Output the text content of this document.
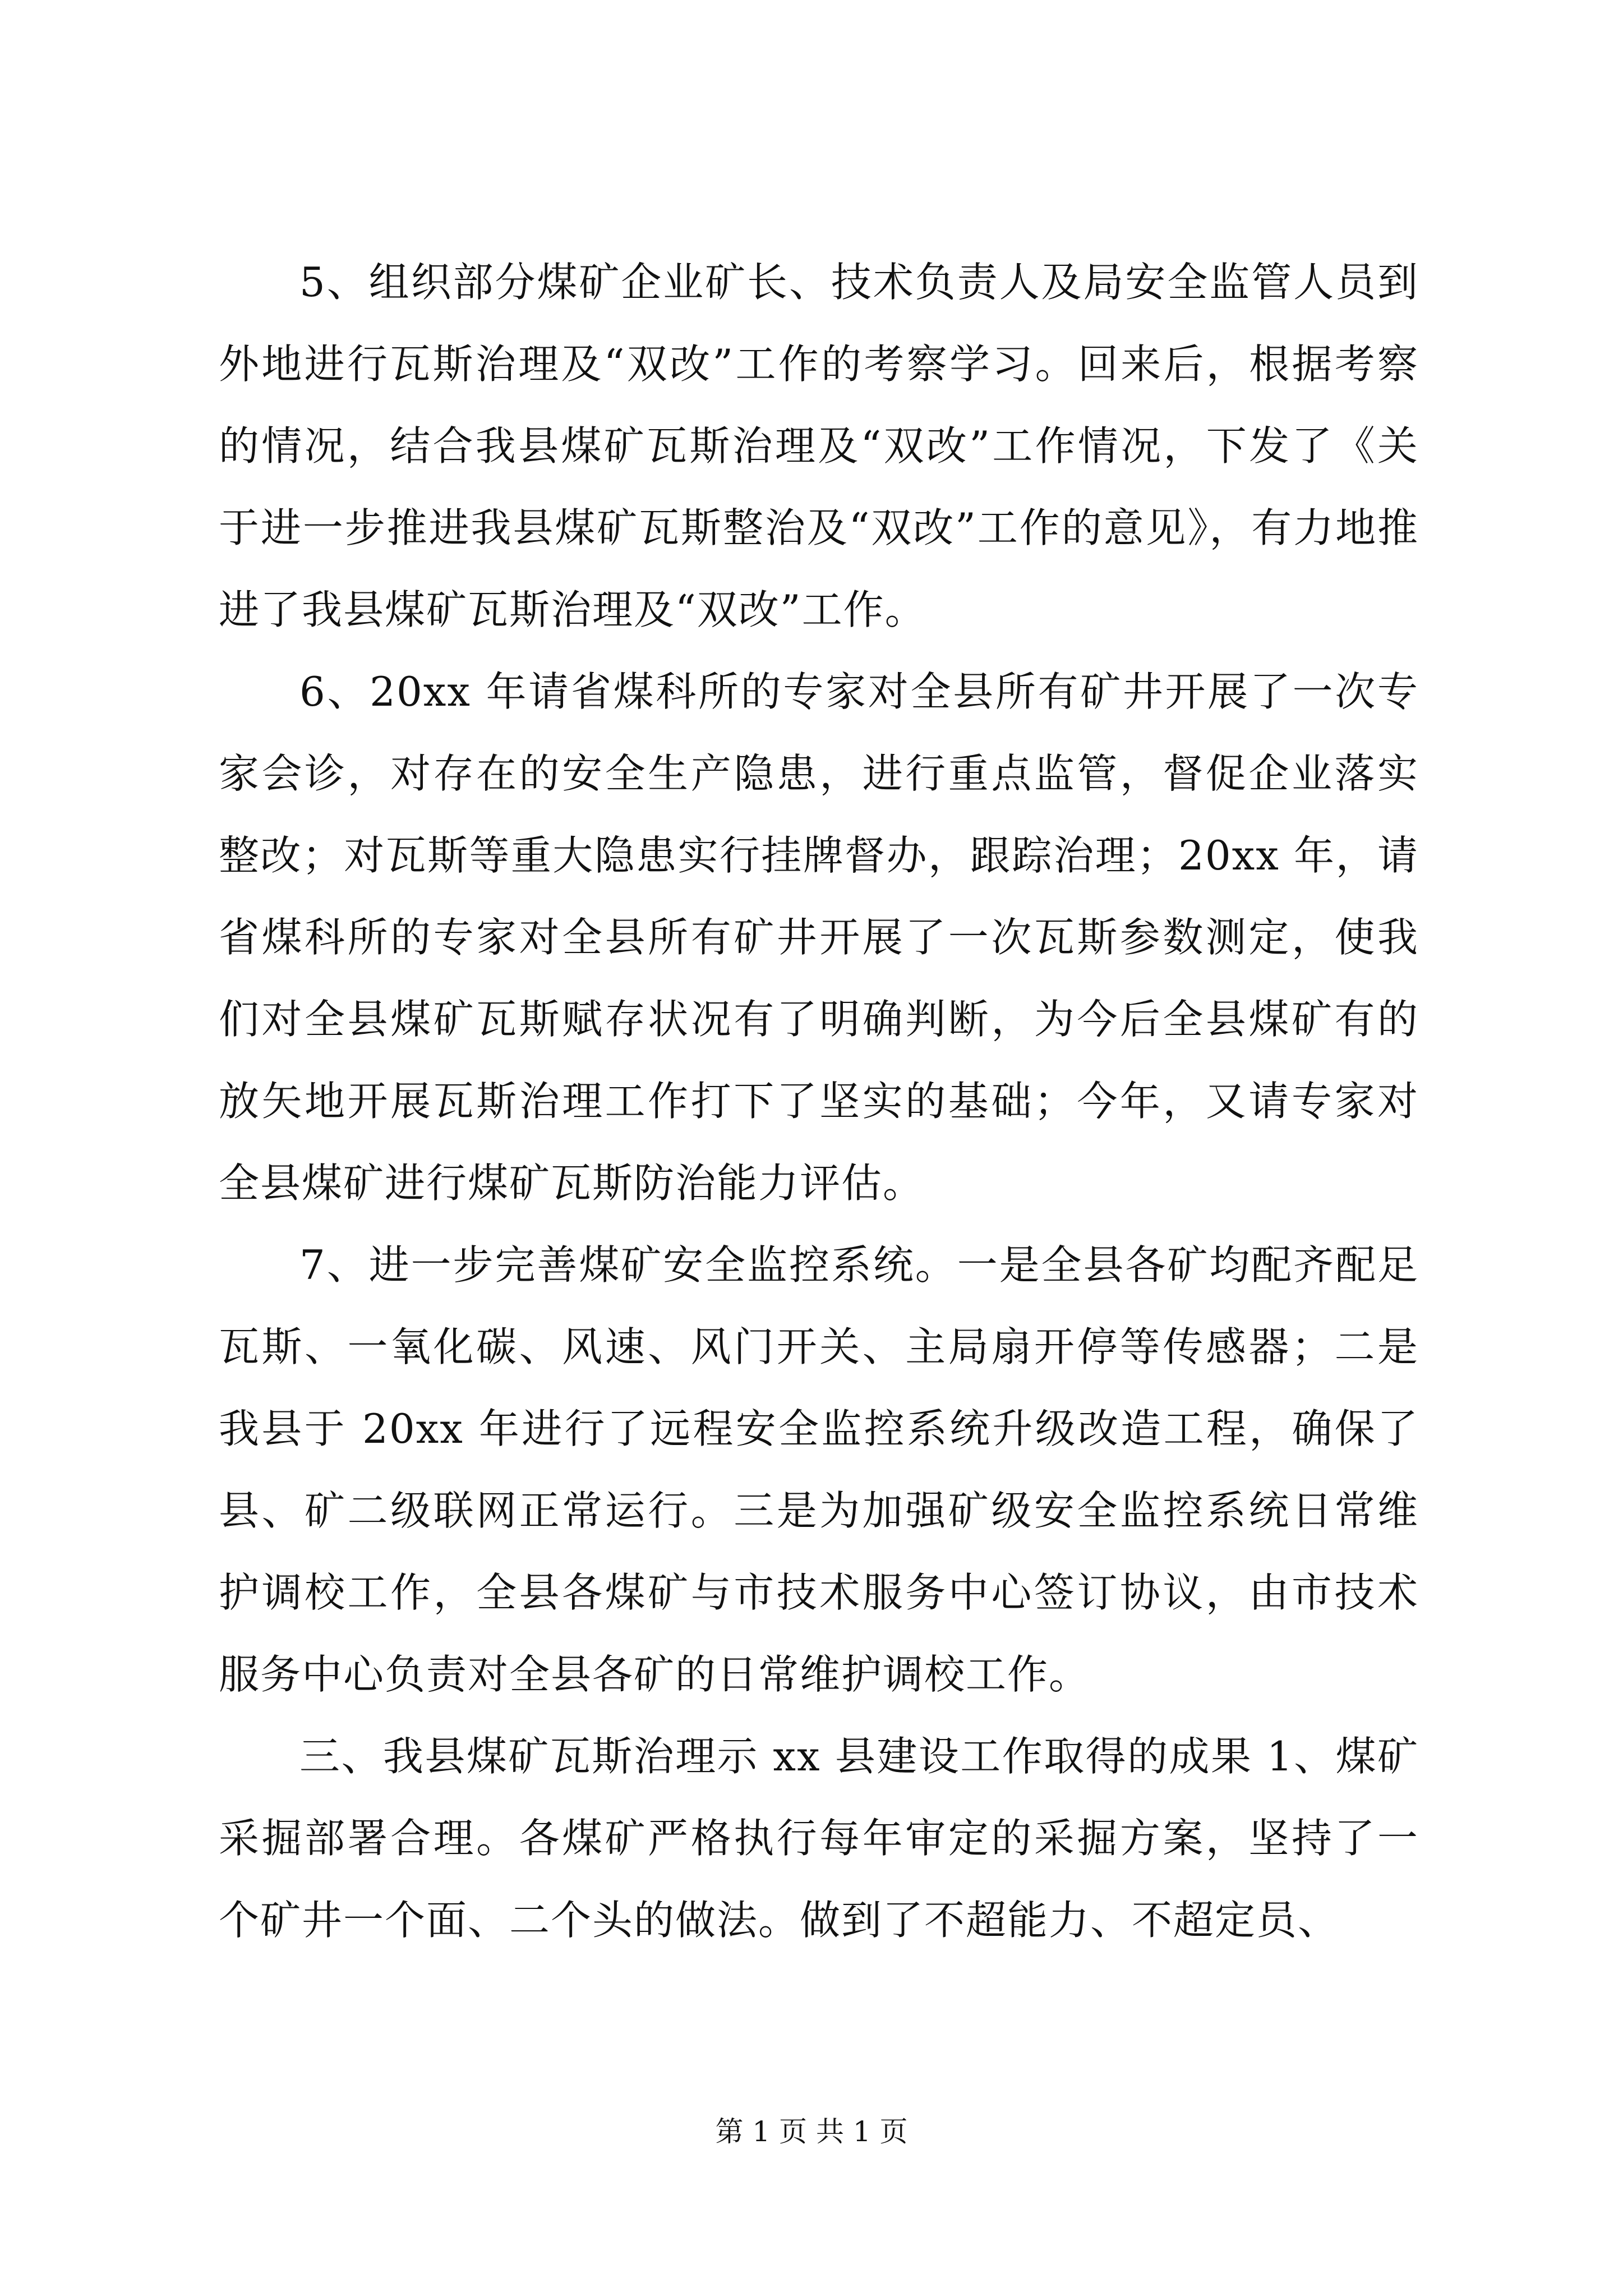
5、组织部分煤矿企业矿长、技术负责人及局安全监管人员到外地进行瓦斯治理及“双改”工作的考察学习。回来后，根据考察的情况，结合我县煤矿瓦斯治理及“双改”工作情况，下发了《关于进一步推进我县煤矿瓦斯整治及“双改”工作的意见》，有力地推进了我县煤矿瓦斯治理及“双改”工作。

6、20xx 年请省煤科所的专家对全县所有矿井开展了一次专家会诊，对存在的安全生产隐患，进行重点监管，督促企业落实整改；对瓦斯等重大隐患实行挂牌督办，跟踪治理；20xx 年，请省煤科所的专家对全县所有矿井开展了一次瓦斯参数测定，使我们对全县煤矿瓦斯赋存状况有了明确判断，为今后全县煤矿有的放矢地开展瓦斯治理工作打下了坚实的基础；今年，又请专家对全县煤矿进行煤矿瓦斯防治能力评估。

7、进一步完善煤矿安全监控系统。一是全县各矿均配齐配足瓦斯、一氧化碳、风速、风门开关、主局扇开停等传感器；二是我县于 20xx 年进行了远程安全监控系统升级改造工程，确保了县、矿二级联网正常运行。三是为加强矿级安全监控系统日常维护调校工作，全县各煤矿与市技术服务中心签订协议，由市技术服务中心负责对全县各矿的日常维护调校工作。

三、我县煤矿瓦斯治理示 xx 县建设工作取得的成果 1、煤矿采掘部署合理。各煤矿严格执行每年审定的采掘方案，坚持了一个矿井一个面、二个头的做法。做到了不超能力、不超定员、

第 1 页 共 1 页
